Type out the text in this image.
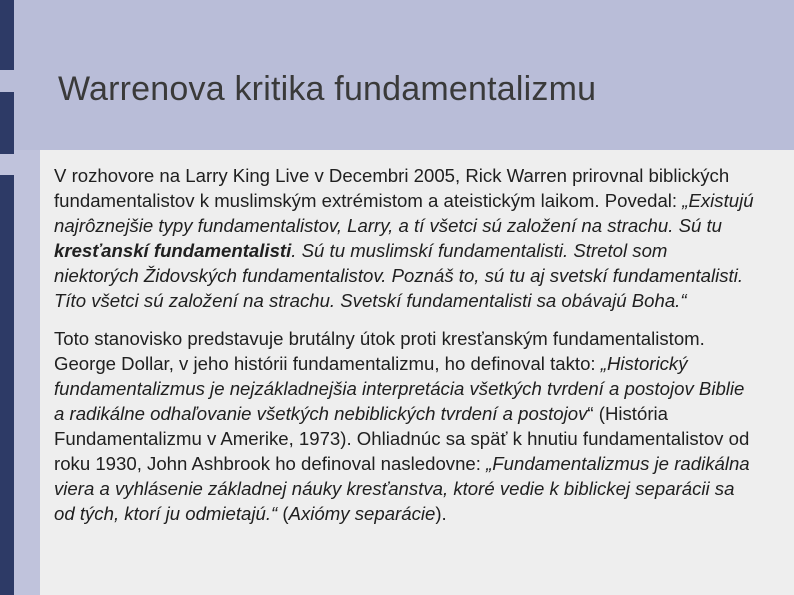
Warrenova kritika fundamentalizmu

V rozhovore na Larry King Live v Decembri 2005, Rick Warren prirovnal biblických fundamentalistov k muslimským extrémistom a ateistickým laikom. Povedal: „Existujú najrôznejšie typy fundamentalistov, Larry, a tí všetci sú založení na strachu. Sú tu kresťanskí fundamentalisti. Sú tu muslimskí fundamentalisti. Stretol som niektorých Židovských fundamentalistov. Poznáš to, sú tu aj svetskí fundamentalisti. Títo všetci sú založení na strachu. Svetskí fundamentalisti sa obávajú Boha.“

Toto stanovisko predstavuje brutálny útok proti kresťanským fundamentalistom. George Dollar, v jeho histórii fundamentalizmu, ho definoval takto: „Historický fundamentalizmus je nejzákladnejšia interpretácia všetkých tvrdení a postojov Biblie a radikálne odhaľovanie všetkých nebiblických tvrdení a postojov“ (História Fundamentalizmu v Amerike, 1973). Ohliadnúc sa späť k hnutiu fundamentalistov od roku 1930, John Ashbrook ho definoval nasledovne: „Fundamentalizmus je radikálna viera a vyhlásenie základnej náuky kresťanstva, ktoré vedie k biblickej separácii sa od tých, ktorí ju odmietajú.“ (Axiómy separácie).
